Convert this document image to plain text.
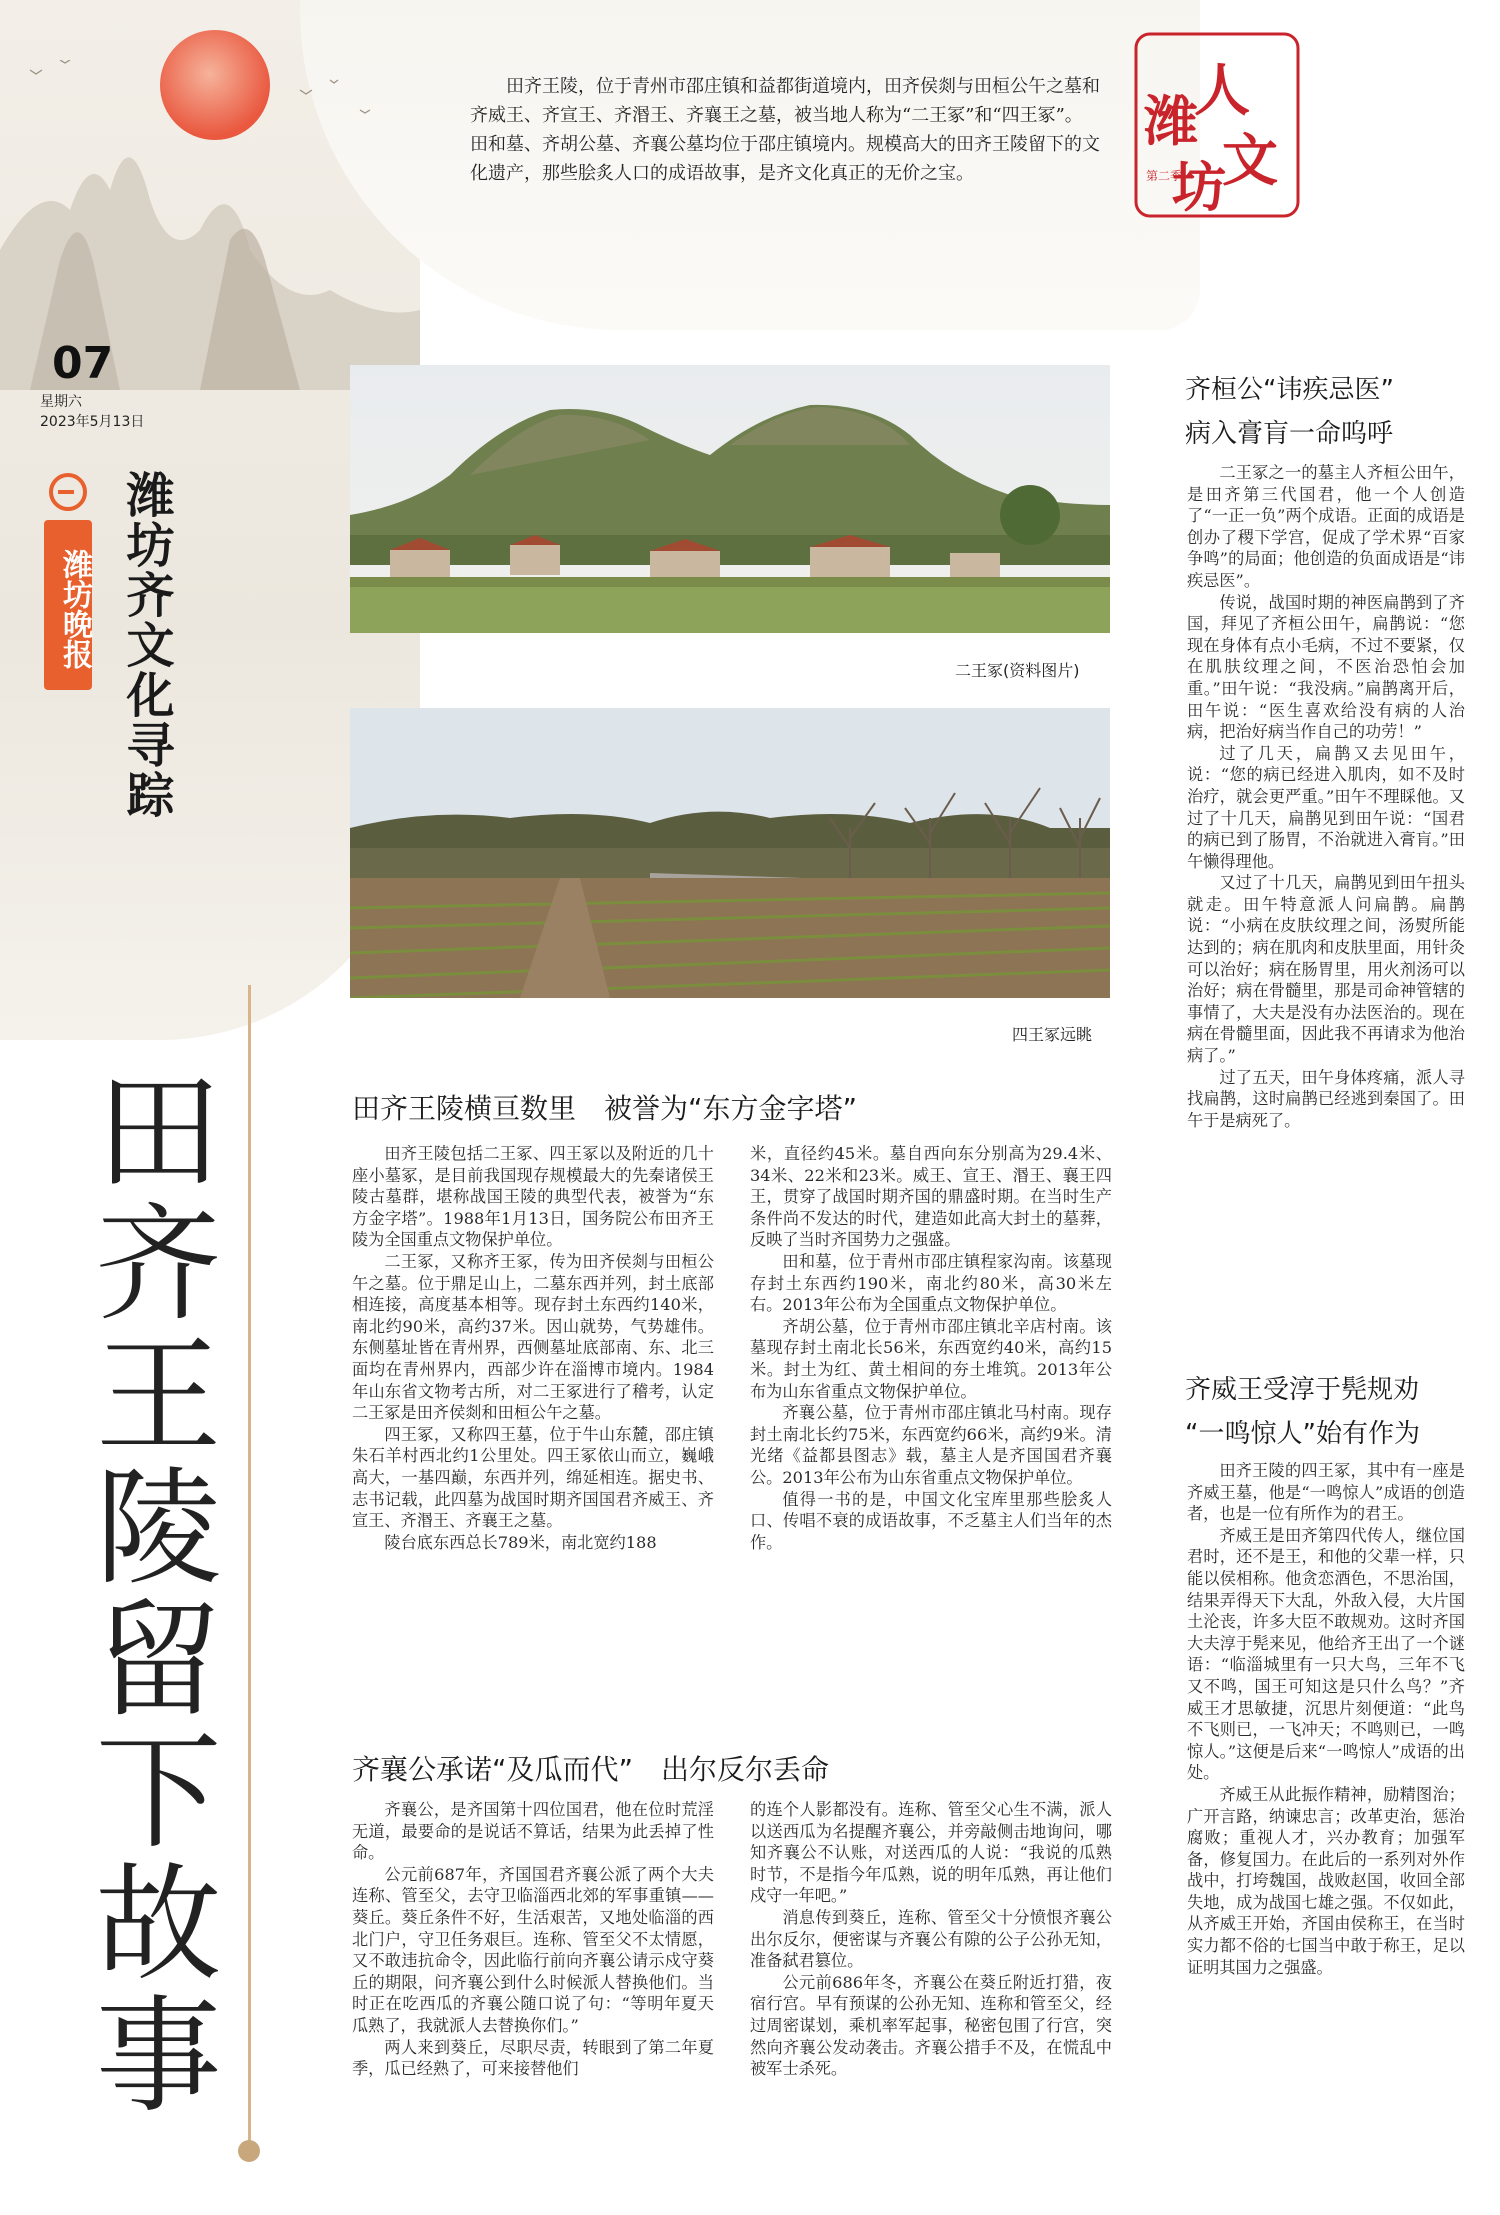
田齐王陵，位于青州市邵庄镇和益都街道境内，田齐侯剡与田桓公午之墓和齐威王、齐宣王、齐湣王、齐襄王之墓，被当地人称为“二王冢”和“四王冢”。田和墓、齐胡公墓、齐襄公墓均位于邵庄镇境内。规模高大的田齐王陵留下的文化遗产，那些脍炙人口的成语故事，是齐文化真正的无价之宝。
人
潍
文
坊
第二季
07
星期六
2023年5月13日
潍坊晚报 潍坊齐文化寻踪
田齐王陵留下故事
二王冢(资料图片)
四王冢远眺
田齐王陵横亘数里　被誉为“东方金字塔”

田齐王陵包括二王冢、四王冢以及附近的几十座小墓冢，是目前我国现存规模最大的先秦诸侯王陵古墓群，堪称战国王陵的典型代表，被誉为“东方金字塔”。1988年1月13日，国务院公布田齐王陵为全国重点文物保护单位。

二王冢，又称齐王冢，传为田齐侯剡与田桓公午之墓。位于鼎足山上，二墓东西并列，封土底部相连接，高度基本相等。现存封土东西约140米，南北约90米，高约37米。因山就势，气势雄伟。东侧墓址皆在青州界，西侧墓址底部南、东、北三面均在青州界内，西部少许在淄博市境内。1984年山东省文物考古所，对二王冢进行了稽考，认定二王冢是田齐侯剡和田桓公午之墓。

四王冢，又称四王墓，位于牛山东麓，邵庄镇朱石羊村西北约1公里处。四王冢依山而立，巍峨高大，一基四巅，东西并列，绵延相连。据史书、志书记载，此四墓为战国时期齐国国君齐威王、齐宣王、齐湣王、齐襄王之墓。

陵台底东西总长789米，南北宽约188

米，直径约45米。墓自西向东分别高为29.4米、34米、22米和23米。威王、宣王、湣王、襄王四王，贯穿了战国时期齐国的鼎盛时期。在当时生产条件尚不发达的时代，建造如此高大封土的墓葬，反映了当时齐国势力之强盛。

田和墓，位于青州市邵庄镇程家沟南。该墓现存封土东西约190米，南北约80米，高30米左右。2013年公布为全国重点文物保护单位。

齐胡公墓，位于青州市邵庄镇北辛店村南。该墓现存封土南北长56米，东西宽约40米，高约15米。封土为红、黄土相间的夯土堆筑。2013年公布为山东省重点文物保护单位。

齐襄公墓，位于青州市邵庄镇北马村南。现存封土南北长约75米，东西宽约66米，高约9米。清光绪《益都县图志》载，墓主人是齐国国君齐襄公。2013年公布为山东省重点文物保护单位。

值得一书的是，中国文化宝库里那些脍炙人口、传唱不衰的成语故事，不乏墓主人们当年的杰作。

齐襄公承诺“及瓜而代”　出尔反尔丢命

齐襄公，是齐国第十四位国君，他在位时荒淫无道，最要命的是说话不算话，结果为此丢掉了性命。

公元前687年，齐国国君齐襄公派了两个大夫连称、管至父，去守卫临淄西北郊的军事重镇——葵丘。葵丘条件不好，生活艰苦，又地处临淄的西北门户，守卫任务艰巨。连称、管至父不太情愿，又不敢违抗命令，因此临行前向齐襄公请示戍守葵丘的期限，问齐襄公到什么时候派人替换他们。当时正在吃西瓜的齐襄公随口说了句：“等明年夏天瓜熟了，我就派人去替换你们。”

两人来到葵丘，尽职尽责，转眼到了第二年夏季，瓜已经熟了，可来接替他们

的连个人影都没有。连称、管至父心生不满，派人以送西瓜为名提醒齐襄公，并旁敲侧击地询问，哪知齐襄公不认账，对送西瓜的人说：“我说的瓜熟时节，不是指今年瓜熟，说的明年瓜熟，再让他们戍守一年吧。”

消息传到葵丘，连称、管至父十分愤恨齐襄公出尔反尔，便密谋与齐襄公有隙的公子公孙无知，准备弑君篡位。

公元前686年冬，齐襄公在葵丘附近打猎，夜宿行宫。早有预谋的公孙无知、连称和管至父，经过周密谋划，乘机率军起事，秘密包围了行宫，突然向齐襄公发动袭击。齐襄公措手不及，在慌乱中被军士杀死。

齐桓公“讳疾忌医”
病入膏肓一命呜呼

二王冢之一的墓主人齐桓公田午，是田齐第三代国君，他一个人创造了“一正一负”两个成语。正面的成语是创办了稷下学宫，促成了学术界“百家争鸣”的局面；他创造的负面成语是“讳疾忌医”。

传说，战国时期的神医扁鹊到了齐国，拜见了齐桓公田午，扁鹊说：“您现在身体有点小毛病，不过不要紧，仅在肌肤纹理之间，不医治恐怕会加重。”田午说：“我没病。”扁鹊离开后，田午说：“医生喜欢给没有病的人治病，把治好病当作自己的功劳！”

过了几天，扁鹊又去见田午，说：“您的病已经进入肌肉，如不及时治疗，就会更严重。”田午不理睬他。又过了十几天，扁鹊见到田午说：“国君的病已到了肠胃，不治就进入膏肓。”田午懒得理他。

又过了十几天，扁鹊见到田午扭头就走。田午特意派人问扁鹊。扁鹊说：“小病在皮肤纹理之间，汤熨所能达到的；病在肌肉和皮肤里面，用针灸可以治好；病在肠胃里，用火剂汤可以治好；病在骨髓里，那是司命神管辖的事情了，大夫是没有办法医治的。现在病在骨髓里面，因此我不再请求为他治病了。”

过了五天，田午身体疼痛，派人寻找扁鹊，这时扁鹊已经逃到秦国了。田午于是病死了。

齐威王受淳于髡规劝
“一鸣惊人”始有作为

田齐王陵的四王冢，其中有一座是齐威王墓，他是“一鸣惊人”成语的创造者，也是一位有所作为的君王。

齐威王是田齐第四代传人，继位国君时，还不是王，和他的父辈一样，只能以侯相称。他贪恋酒色，不思治国，结果弄得天下大乱，外敌入侵，大片国土沦丧，许多大臣不敢规劝。这时齐国大夫淳于髡来见，他给齐王出了一个谜语：“临淄城里有一只大鸟，三年不飞又不鸣，国王可知这是只什么鸟？”齐威王才思敏捷，沉思片刻便道：“此鸟不飞则已，一飞冲天；不鸣则已，一鸣惊人。”这便是后来“一鸣惊人”成语的出处。

齐威王从此振作精神，励精图治；广开言路，纳谏忠言；改革吏治，惩治腐败；重视人才，兴办教育；加强军备，修复国力。在此后的一系列对外作战中，打垮魏国，战败赵国，收回全部失地，成为战国七雄之强。不仅如此，从齐威王开始，齐国由侯称王，在当时实力都不俗的七国当中敢于称王，足以证明其国力之强盛。
